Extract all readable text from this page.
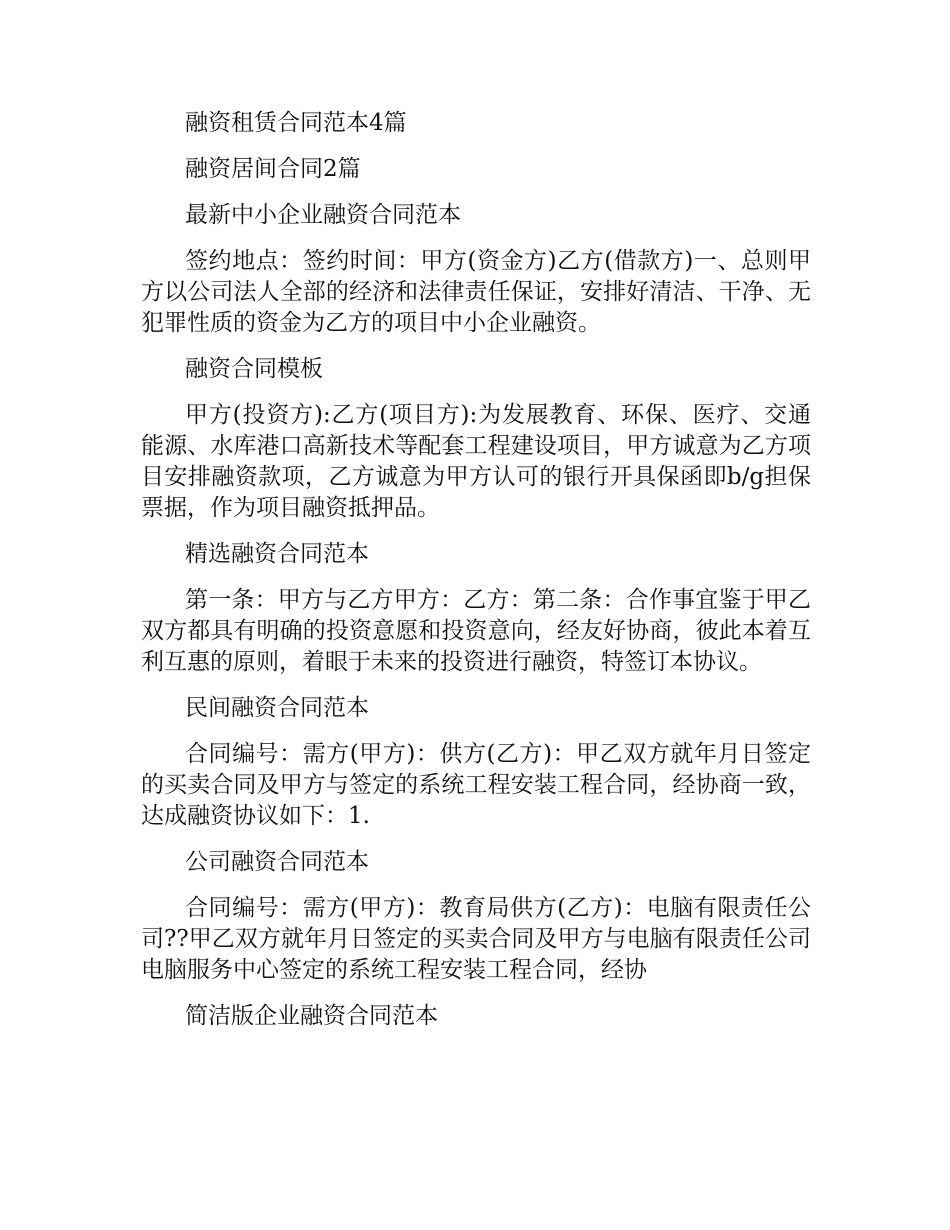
融资租赁合同范本4篇

融资居间合同2篇

最新中小企业融资合同范本

签约地点：签约时间：甲方(资金方)乙方(借款方)一、总则甲方以公司法人全部的经济和法律责任保证，安排好清洁、干净、无犯罪性质的资金为乙方的项目中小企业融资。

融资合同模板

甲方(投资方):乙方(项目方):为发展教育、环保、医疗、交通能源、水库港口高新技术等配套工程建设项目，甲方诚意为乙方项目安排融资款项，乙方诚意为甲方认可的银行开具保函即b/g担保票据，作为项目融资抵押品。

精选融资合同范本

第一条：甲方与乙方甲方：乙方：第二条：合作事宜鉴于甲乙双方都具有明确的投资意愿和投资意向，经友好协商，彼此本着互利互惠的原则，着眼于未来的投资进行融资，特签订本协议。

民间融资合同范本

合同编号：需方(甲方)：供方(乙方)：甲乙双方就年月日签定的买卖合同及甲方与签定的系统工程安装工程合同，经协商一致，达成融资协议如下：1.

公司融资合同范本

合同编号：需方(甲方)：教育局供方(乙方)：电脑有限责任公司??甲乙双方就年月日签定的买卖合同及甲方与电脑有限责任公司电脑服务中心签定的系统工程安装工程合同，经协

简洁版企业融资合同范本
